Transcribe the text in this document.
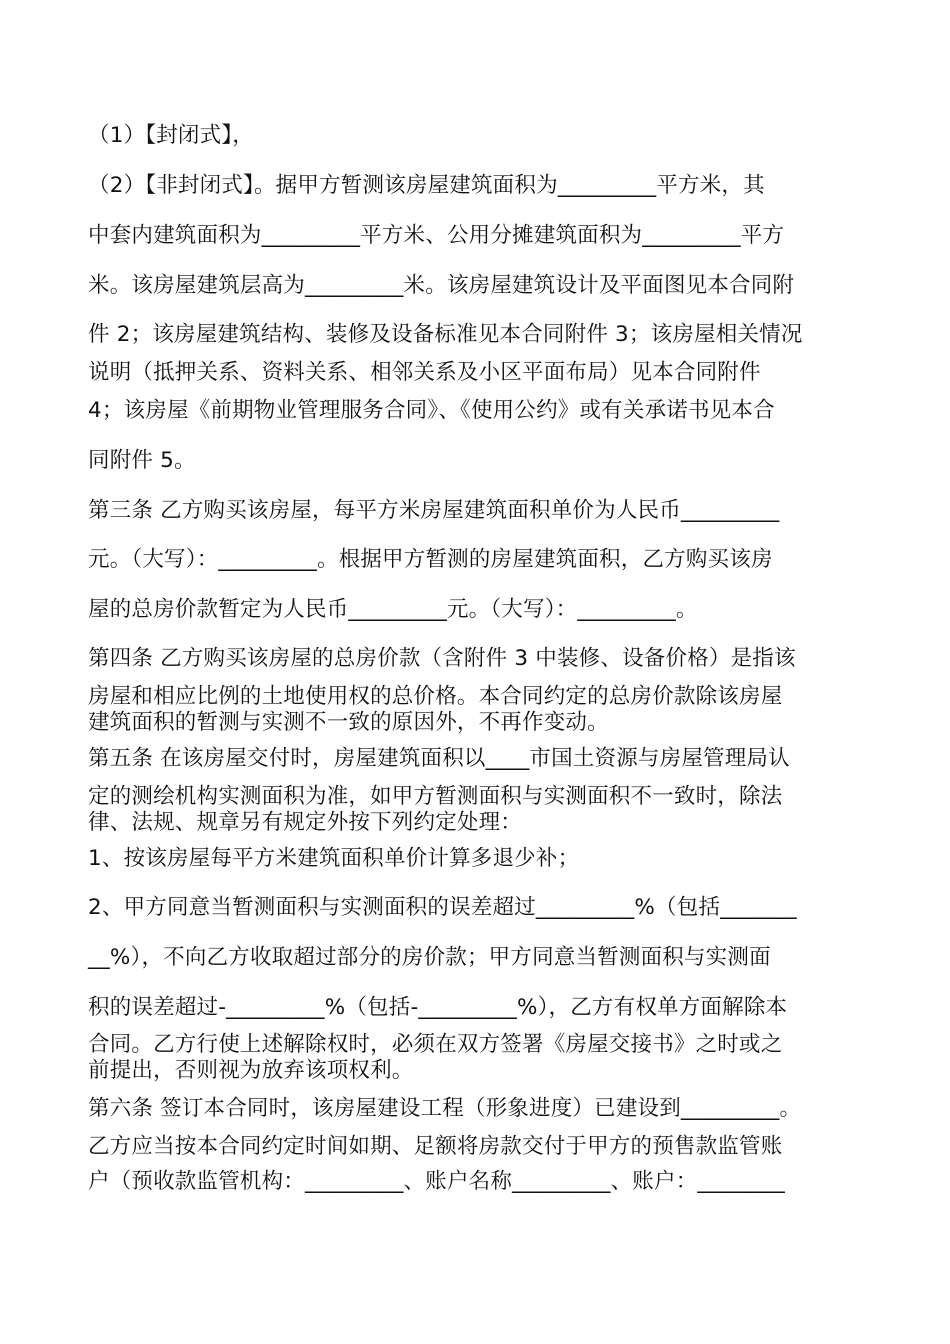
（1）【封闭式】，
（2）【非封闭式】。据甲方暂测该房屋建筑面积为_________平方米，其
中套内建筑面积为_________平方米、公用分摊建筑面积为_________平方
米。该房屋建筑层高为_________米。该房屋建筑设计及平面图见本合同附
件 2；该房屋建筑结构、装修及设备标准见本合同附件 3；该房屋相关情况
说明（抵押关系、资料关系、相邻关系及小区平面布局）见本合同附件
4；该房屋《前期物业管理服务合同》、《使用公约》或有关承诺书见本合
同附件 5。
第三条 乙方购买该房屋，每平方米房屋建筑面积单价为人民币_________
元。（大写）：_________。根据甲方暂测的房屋建筑面积，乙方购买该房
屋的总房价款暂定为人民币_________元。（大写）：_________。
第四条 乙方购买该房屋的总房价款（含附件 3 中装修、设备价格）是指该
房屋和相应比例的土地使用权的总价格。本合同约定的总房价款除该房屋
建筑面积的暂测与实测不一致的原因外，不再作变动。
第五条 在该房屋交付时，房屋建筑面积以____市国土资源与房屋管理局认
定的测绘机构实测面积为准，如甲方暂测面积与实测面积不一致时，除法
律、法规、规章另有规定外按下列约定处理：
1、按该房屋每平方米建筑面积单价计算多退少补；
2、甲方同意当暂测面积与实测面积的误差超过_________%（包括_______
__%），不向乙方收取超过部分的房价款；甲方同意当暂测面积与实测面
积的误差超过-_________%（包括-_________%），乙方有权单方面解除本
合同。乙方行使上述解除权时，必须在双方签署《房屋交接书》之时或之
前提出，否则视为放弃该项权利。
第六条 签订本合同时，该房屋建设工程（形象进度）已建设到_________。
乙方应当按本合同约定时间如期、足额将房款交付于甲方的预售款监管账
户（预收款监管机构：_________、账户名称_________、账户：________
